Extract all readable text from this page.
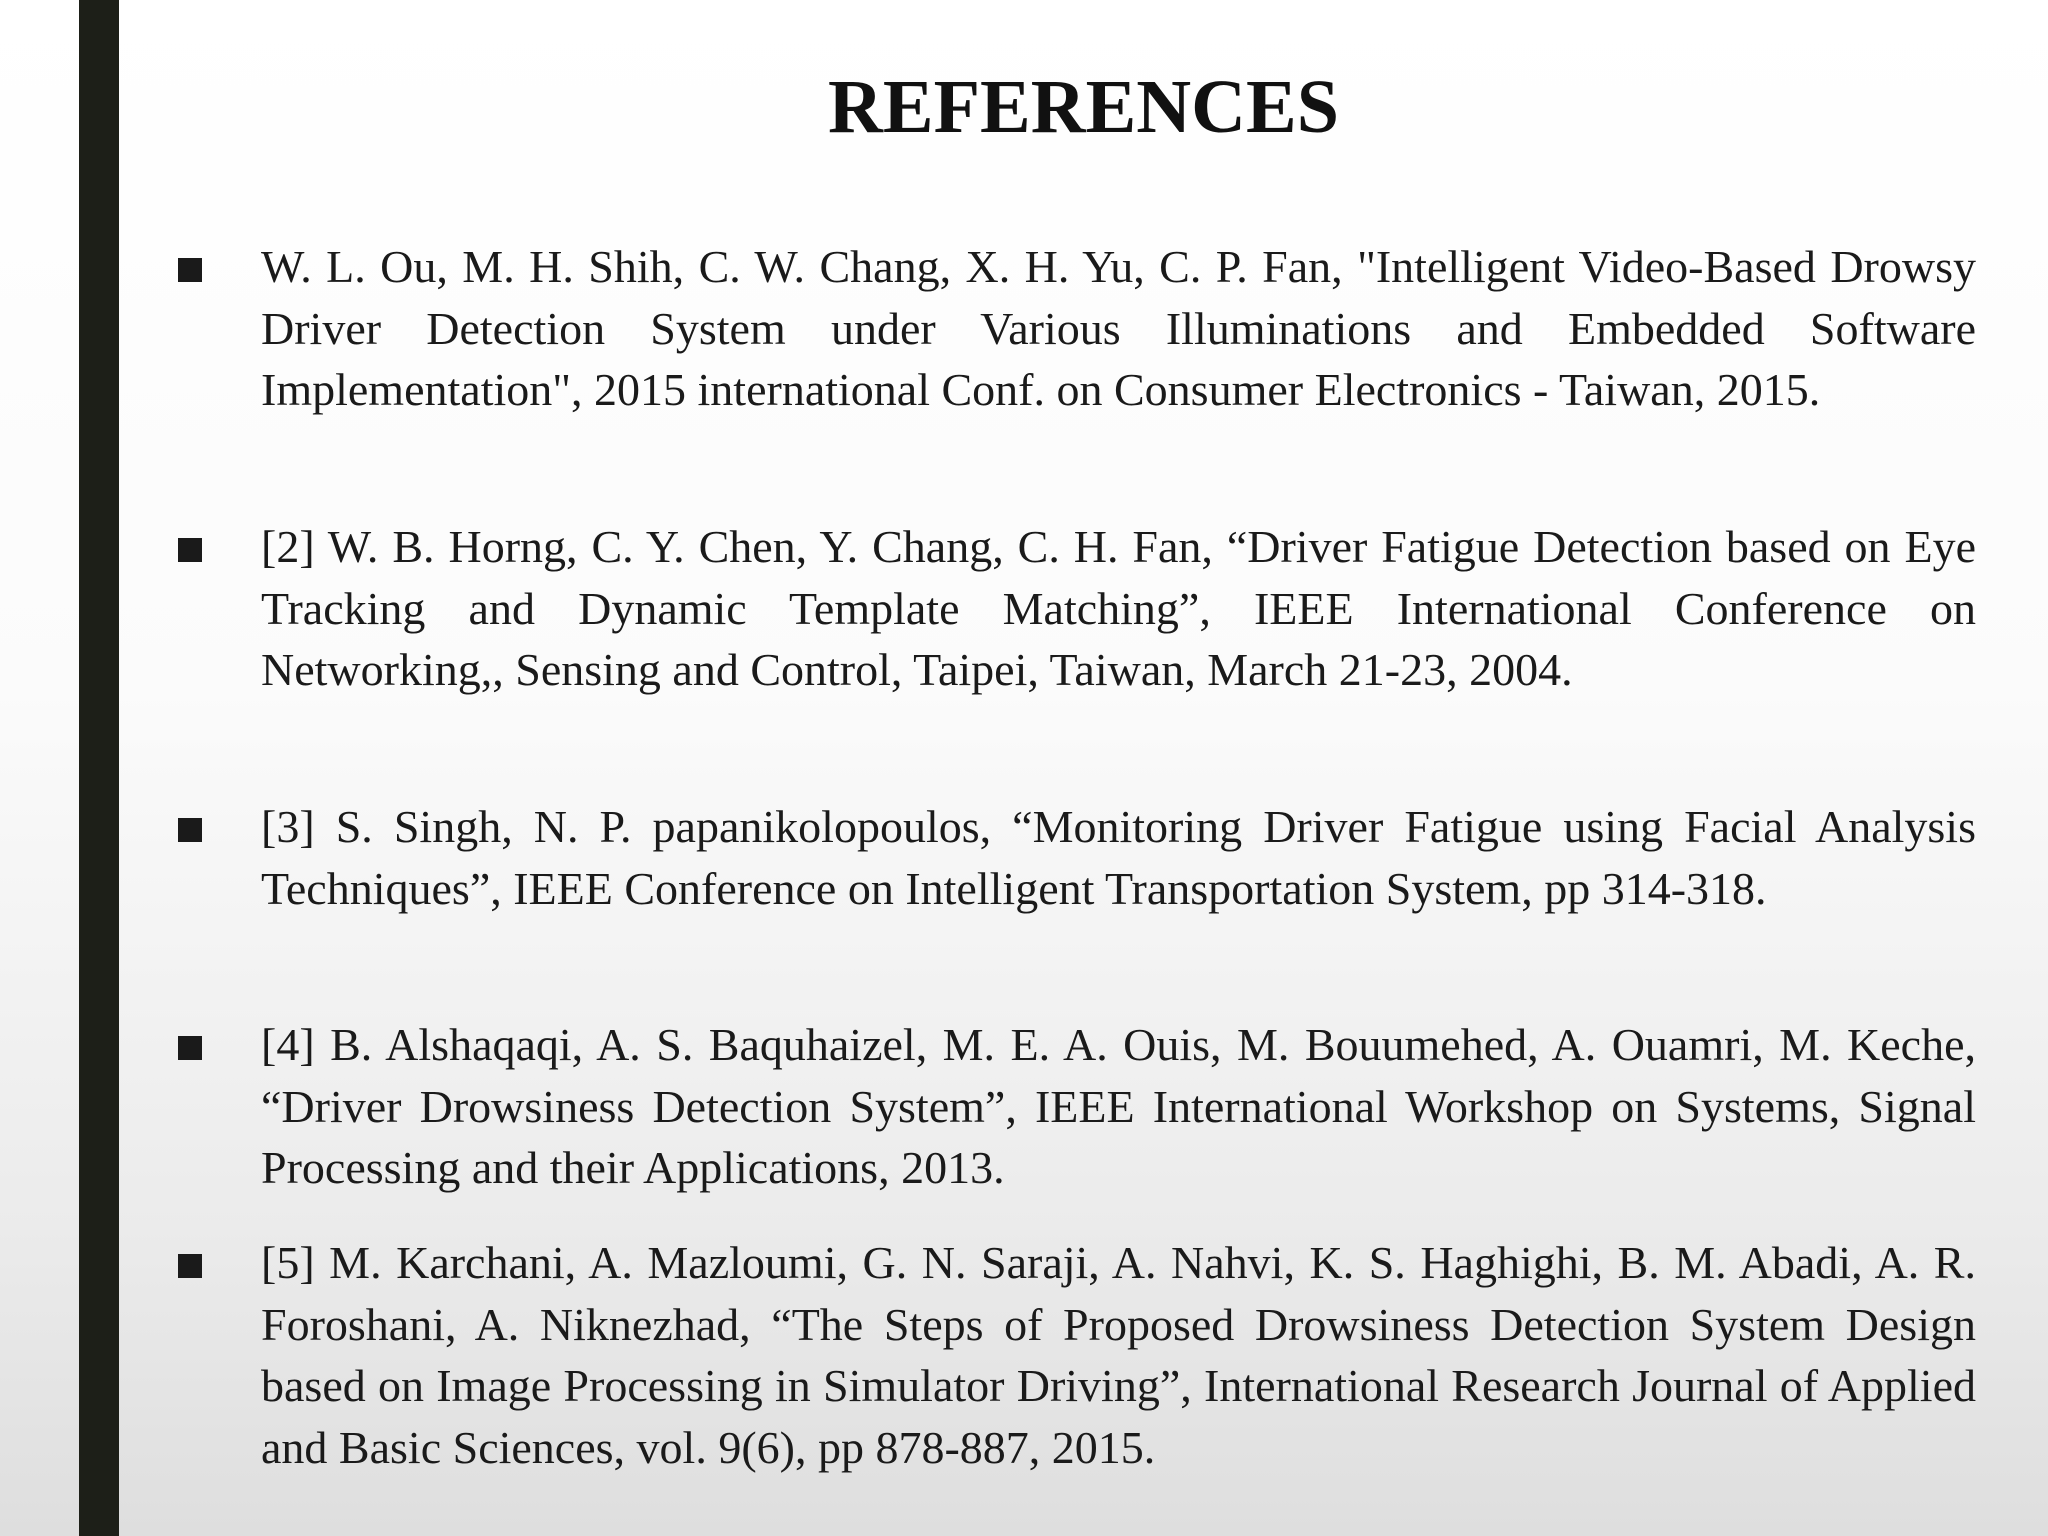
REFERENCES

W. L. Ou, M. H. Shih, C. W. Chang, X. H. Yu, C. P. Fan, "Intelligent Video-Based Drowsy Driver Detection System under Various Illuminations and Embedded Software Implementation", 2015 international Conf. on Consumer Electronics - Taiwan, 2015.

[2] W. B. Horng, C. Y. Chen, Y. Chang, C. H. Fan, “Driver Fatigue Detection based on Eye Tracking and Dynamic Template Matching”, IEEE International Conference on Networking,, Sensing and Control, Taipei, Taiwan, March 21-23, 2004.

[3] S. Singh, N. P. papanikolopoulos, “Monitoring Driver Fatigue using Facial Analysis Techniques”, IEEE Conference on Intelligent Transportation System, pp 314-318.

[4] B. Alshaqaqi, A. S. Baquhaizel, M. E. A. Ouis, M. Bouumehed, A. Ouamri, M. Keche, “Driver Drowsiness Detection System”, IEEE International Workshop on Systems, Signal Processing and their Applications, 2013.

[5] M. Karchani, A. Mazloumi, G. N. Saraji, A. Nahvi, K. S. Haghighi, B. M. Abadi, A. R. Foroshani, A. Niknezhad, “The Steps of Proposed Drowsiness Detection System Design based on Image Processing in Simulator Driving”, International Research Journal of Applied and Basic Sciences, vol. 9(6), pp 878-887, 2015.
